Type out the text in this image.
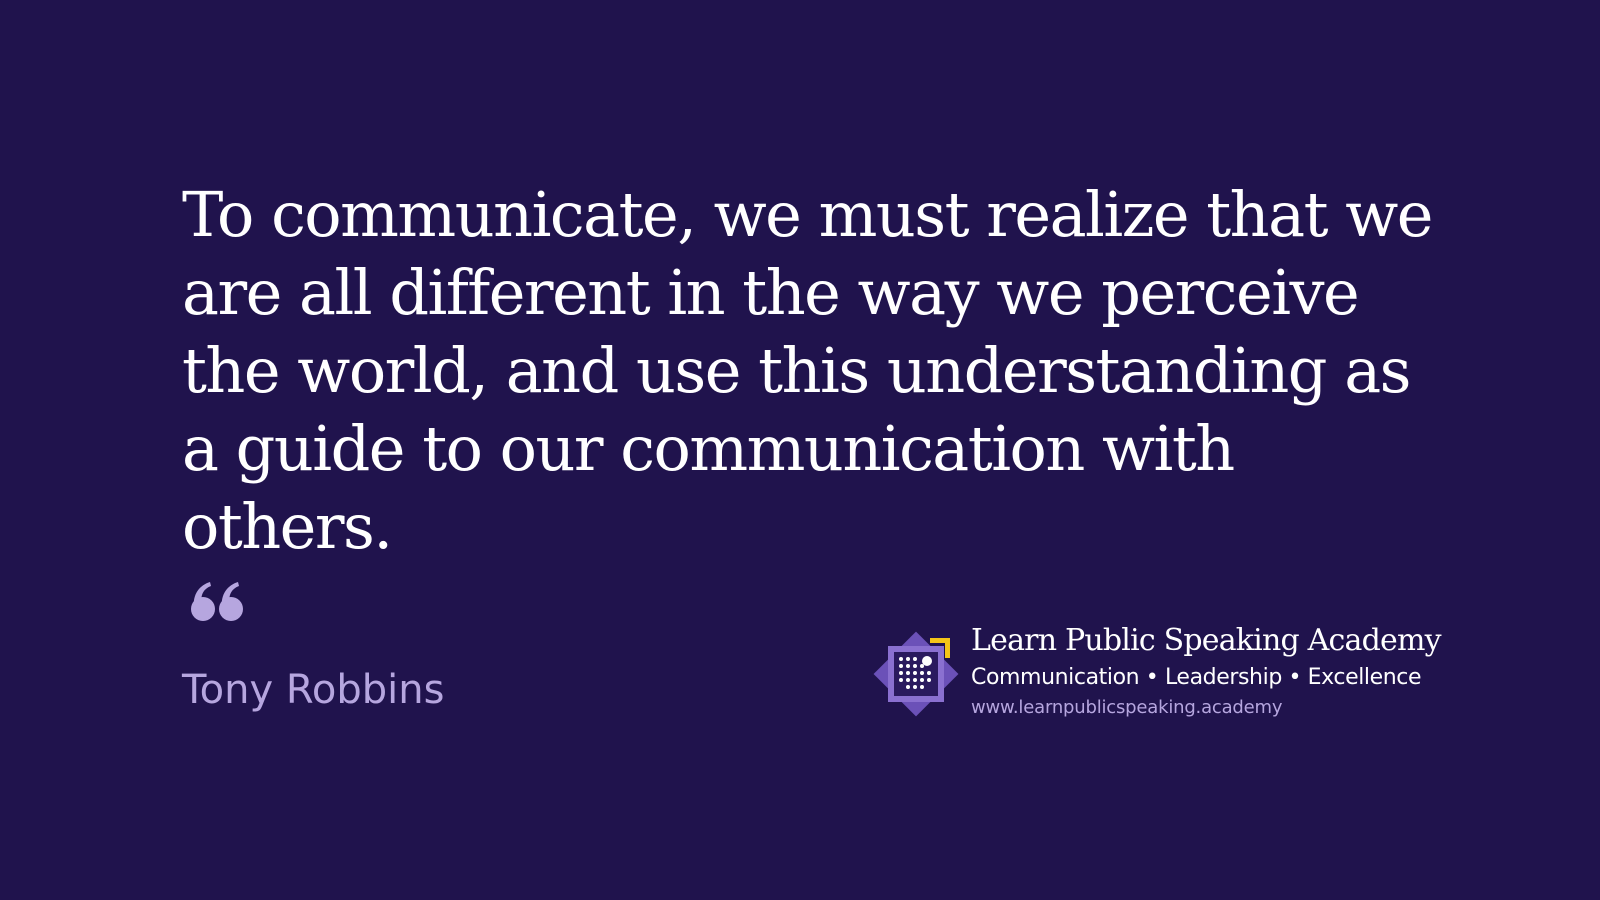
To communicate, we must realize that we are all different in the way we perceive the world, and use this understanding as a guide to our communication with others.

Tony Robbins

Learn Public Speaking Academy
Communication • Leadership • Excellence
www.learnpublicspeaking.academy
